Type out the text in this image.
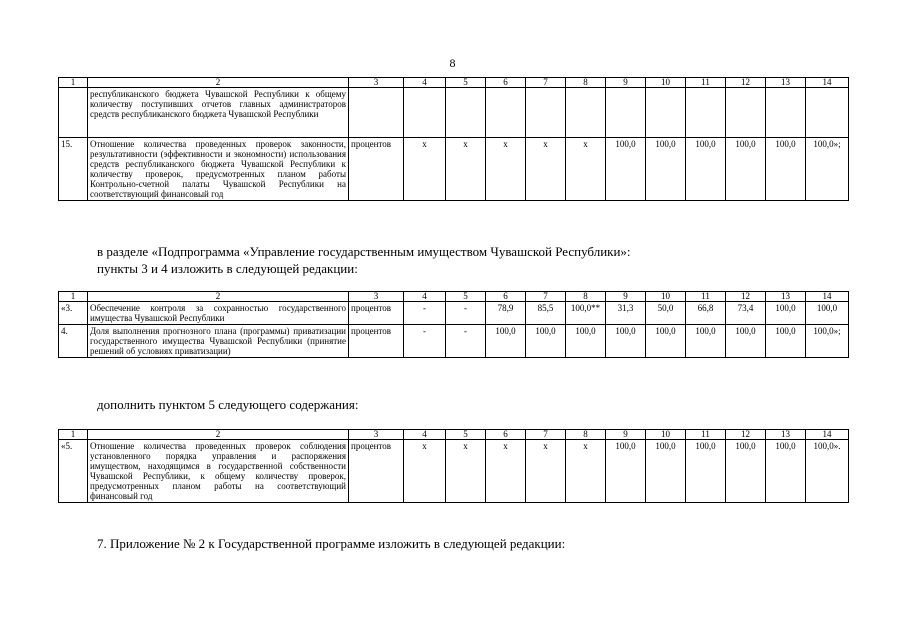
8
1	2	3	4	5	6	7	8	9	10	11	12	13	14
	республиканского бюджета Чувашской Республики к общему количеству поступивших отчетов главных администраторов средств республиканского бюджета Чувашской Республики												
15.	Отношение количества проведенных проверок законности, результативности (эффективности и экономности) использования средств республиканского бюджета Чувашской Республики к количеству проверок, предусмотренных планом работы Контрольно-счетной палаты Чувашской Республики на соответствующий финансовый год	процентов	x	x	x	x	x	100,0	100,0	100,0	100,0	100,0	100,0»;
в разделе «Подпрограмма «Управление государственным имуществом Чувашской Республики»:
пункты 3 и 4 изложить в следующей редакции:
1	2	3	4	5	6	7	8	9	10	11	12	13	14
«3.	Обеспечение контроля за сохранностью государственного имущества Чувашской Республики	процентов	-	-	78,9	85,5	100,0**	31,3	50,0	66,8	73,4	100,0	100,0
4.	Доля выполнения прогнозного плана (программы) приватизации государственного имущества Чувашской Республики (принятие решений об условиях приватизации)	процентов	-	-	100,0	100,0	100,0	100,0	100,0	100,0	100,0	100,0	100,0»;
дополнить пунктом 5 следующего содержания:
1	2	3	4	5	6	7	8	9	10	11	12	13	14
«5.	Отношение количества проведенных проверок соблюдения установленного порядка управления и распоряжения имуществом, находящимся в государственной собственности Чувашской Республики, к общему количеству проверок, предусмотренных планом работы на соответствующий финансовый год	процентов	x	x	x	x	x	100,0	100,0	100,0	100,0	100,0	100,0».
7. Приложение № 2 к Государственной программе изложить в следующей редакции:
